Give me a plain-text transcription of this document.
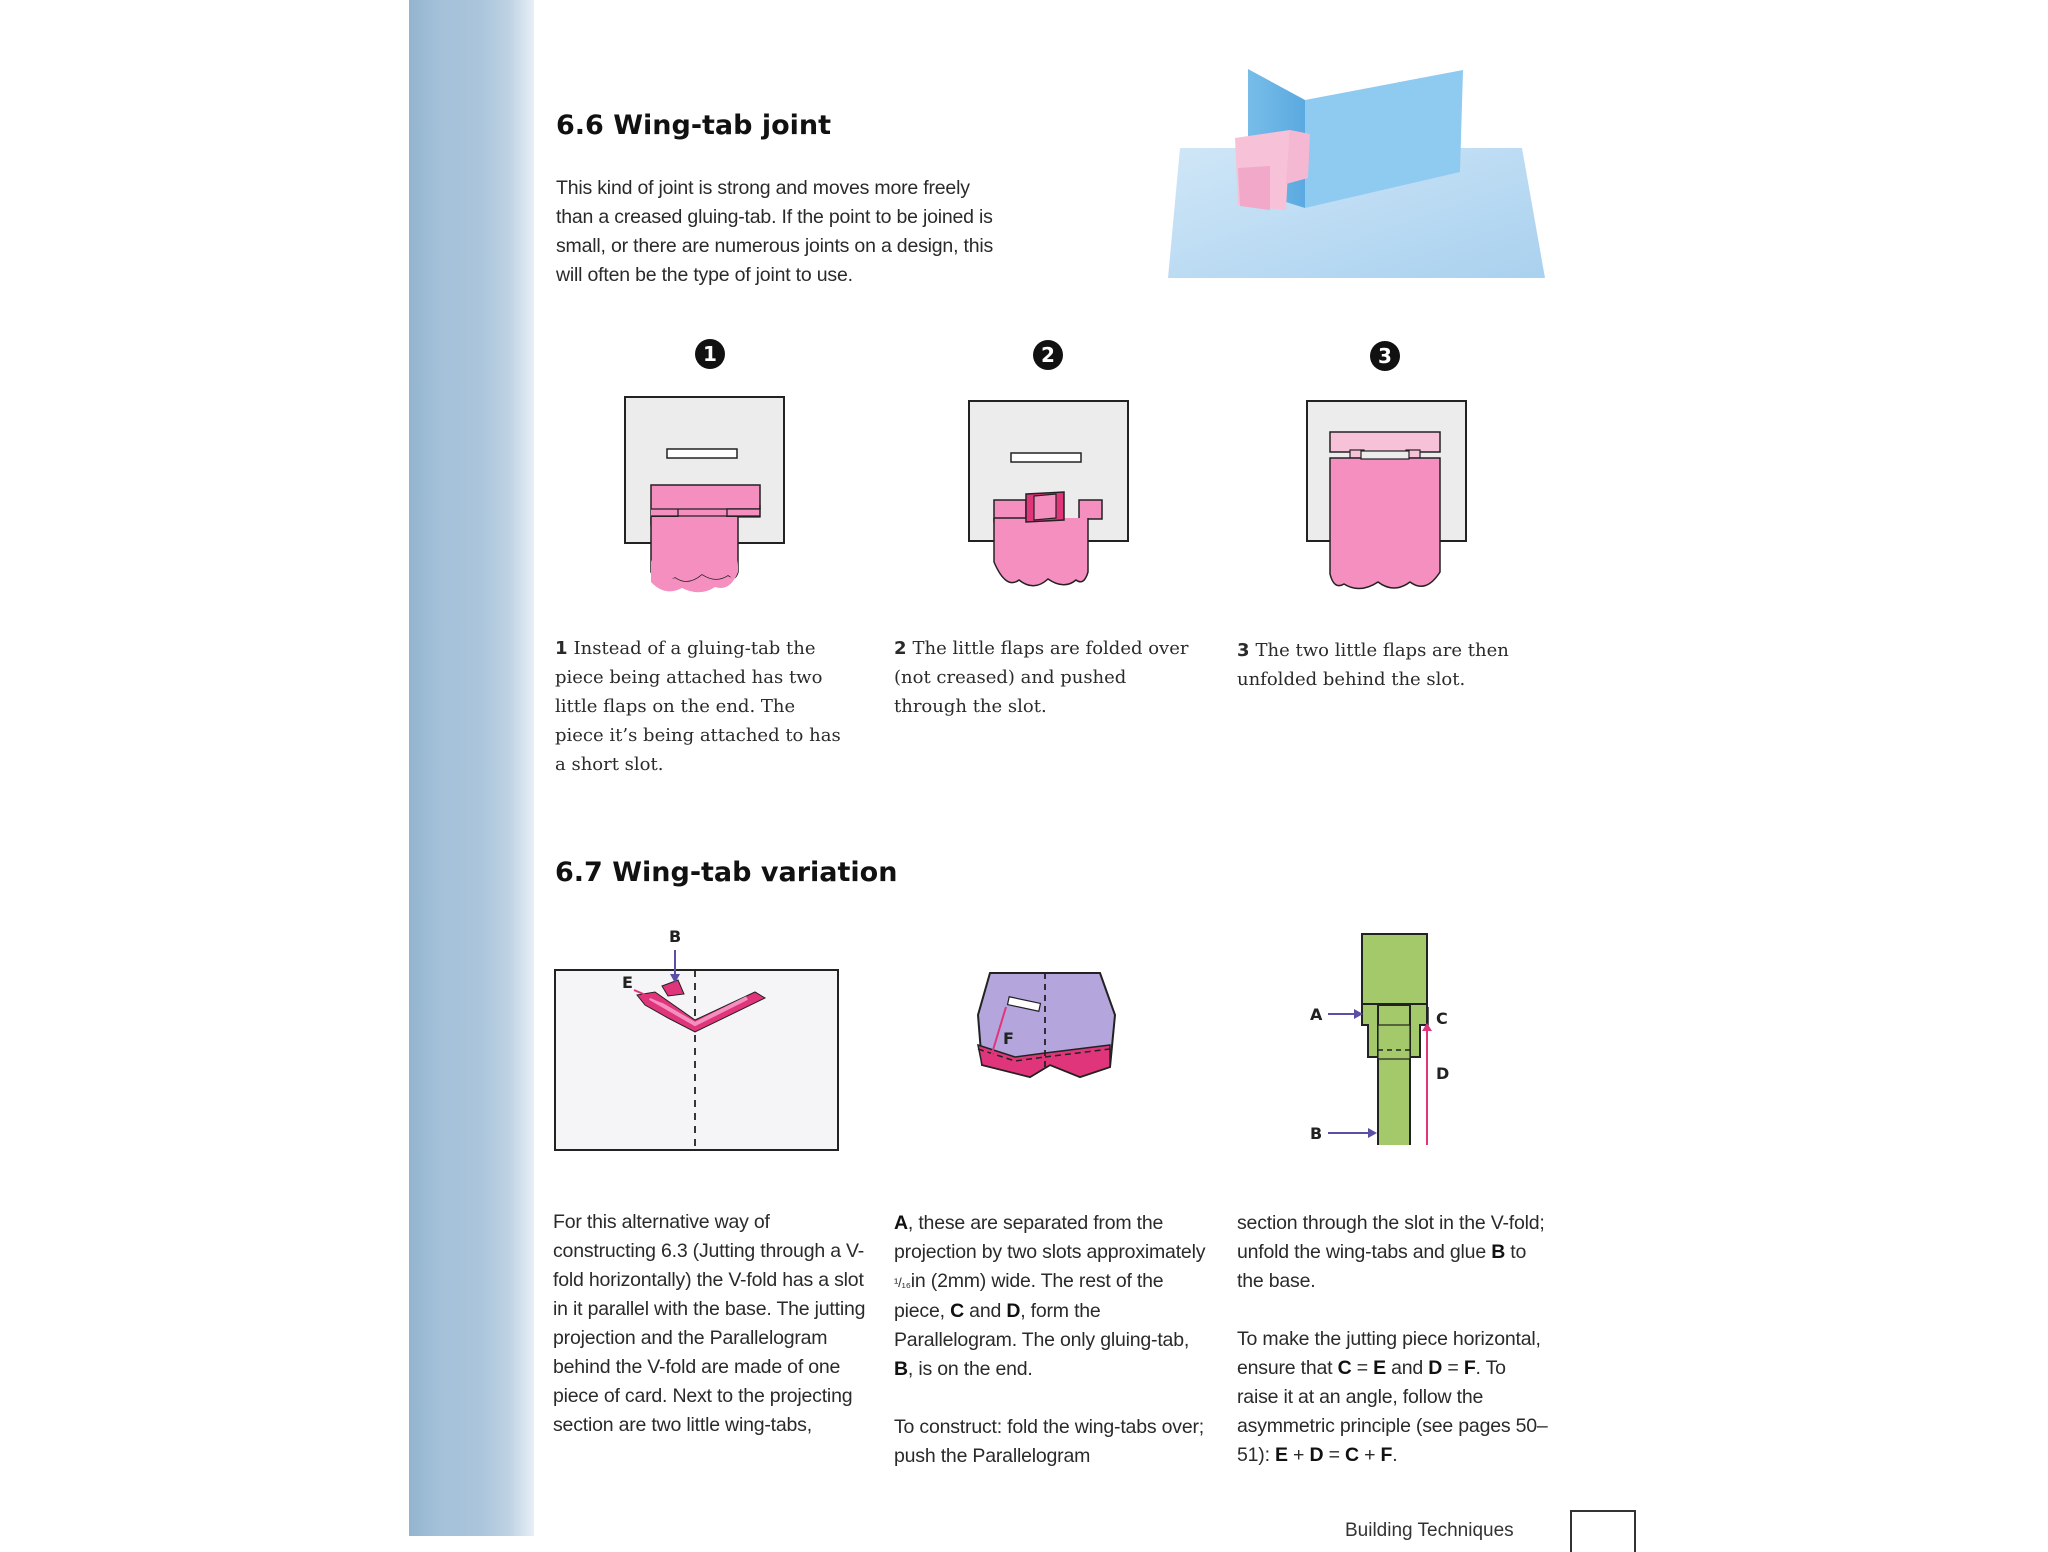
6.6 Wing-tab joint

This kind of joint is strong and moves more freely than a creased gluing-tab. If the point to be joined is small, or there are numerous joints on a design, this will often be the type of joint to use.

1	2	3

1 Instead of a gluing-tab the piece being attached has two little flaps on the end. The piece it’s being attached to has a short slot.

2 The little flaps are folded over (not creased) and pushed through the slot.

3 The two little flaps are then unfolded behind the slot.

6.7 Wing-tab variation
B
E
F
A	C
D
B

For this alternative way of constructing 6.3 (Jutting through a V-fold horizontally) the V-fold has a slot in it parallel with the base. The jutting projection and the Parallelogram behind the V-fold are made of one piece of card. Next to the projecting section are two little wing-tabs,

A, these are separated from the projection by two slots approximately ¹/₁₆in (2mm) wide. The rest of the piece, C and D, form the Parallelogram. The only gluing-tab, B, is on the end.

To construct: fold the wing-tabs over; push the Parallelogram

section through the slot in the V-fold; unfold the wing-tabs and glue B to the base.

To make the jutting piece horizontal, ensure that C = E and D = F. To raise it at an angle, follow the asymmetric principle (see pages 50–51): E + D = C + F.

Building Techniques
